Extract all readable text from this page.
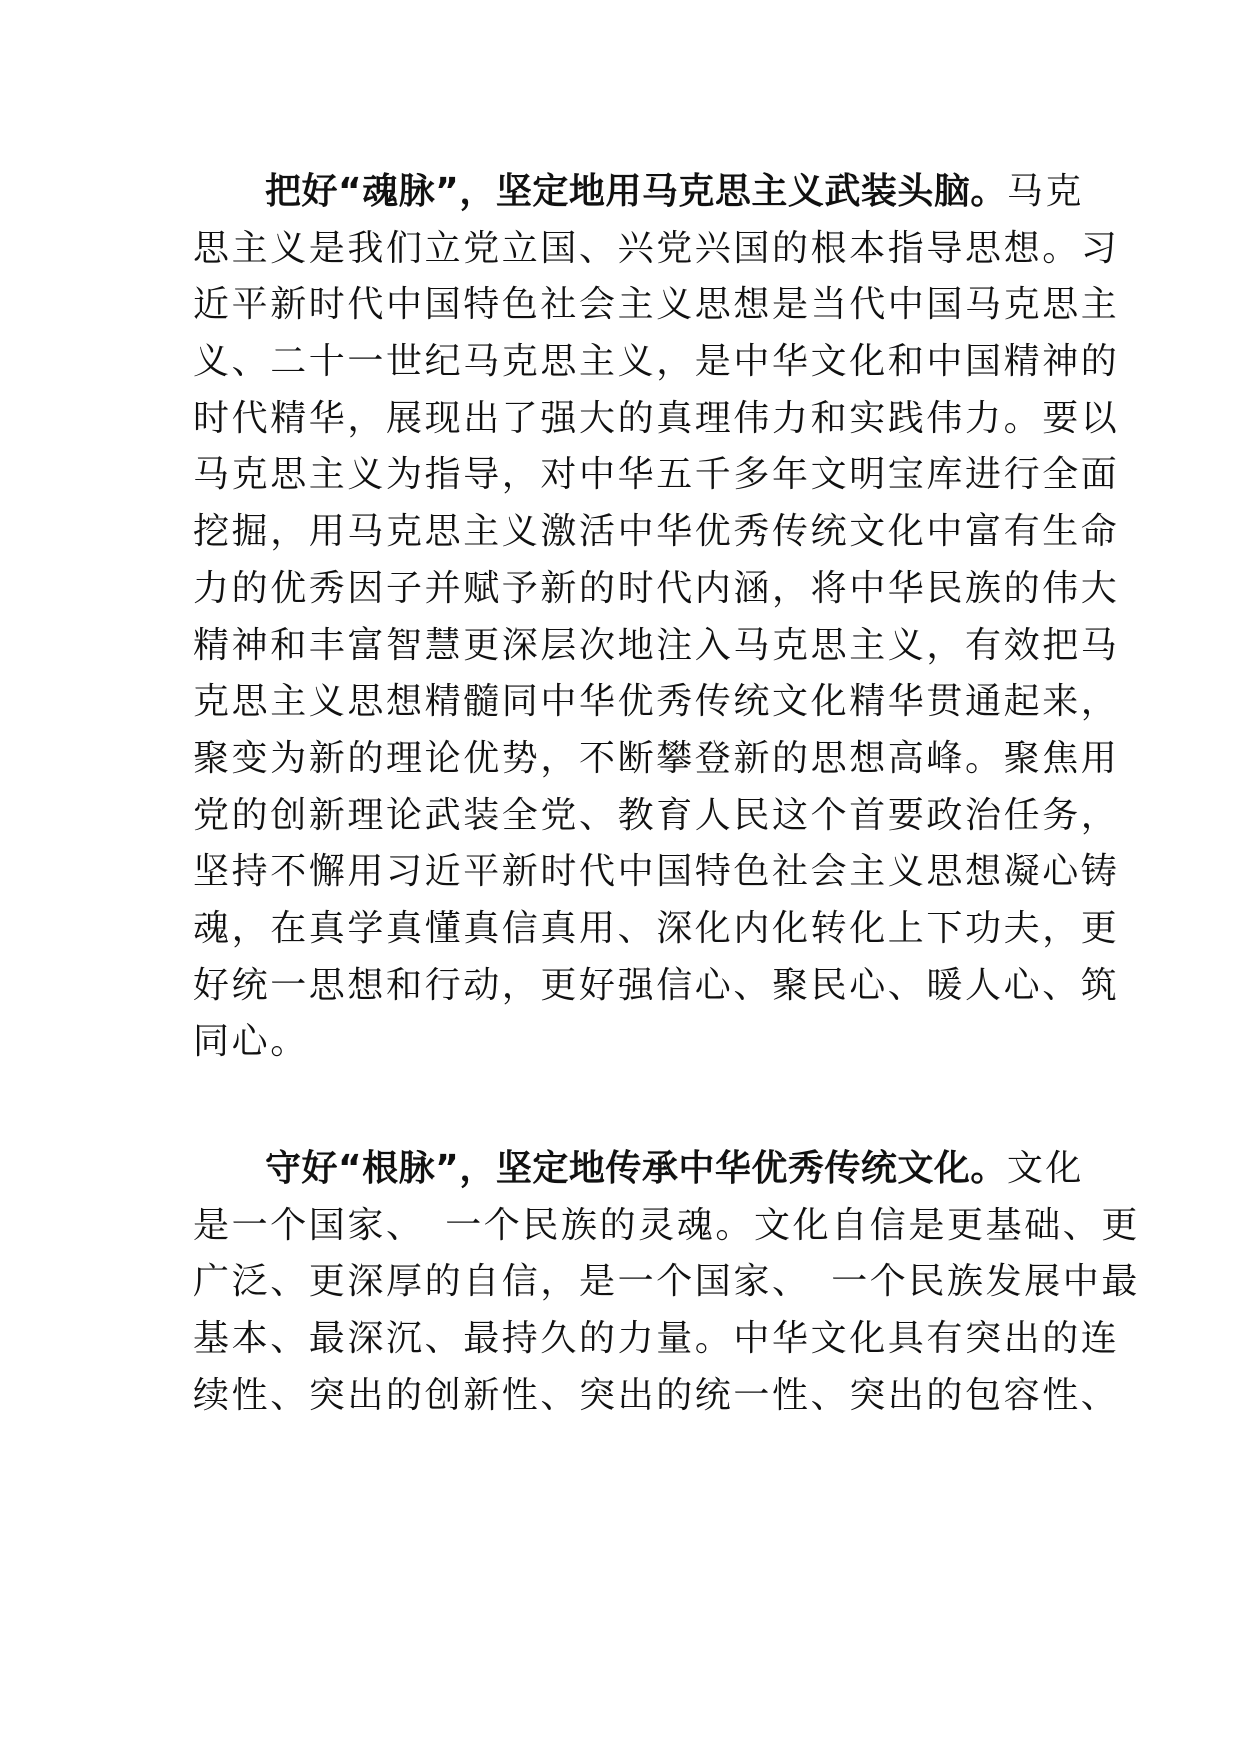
把好“魂脉”，坚定地用马克思主义武装头脑。马克
思主义是我们立党立国、兴党兴国的根本指导思想。习
近平新时代中国特色社会主义思想是当代中国马克思主
义、二十一世纪马克思主义，是中华文化和中国精神的
时代精华，展现出了强大的真理伟力和实践伟力。要以
马克思主义为指导，对中华五千多年文明宝库进行全面
挖掘，用马克思主义激活中华优秀传统文化中富有生命
力的优秀因子并赋予新的时代内涵，将中华民族的伟大
精神和丰富智慧更深层次地注入马克思主义，有效把马
克思主义思想精髓同中华优秀传统文化精华贯通起来，
聚变为新的理论优势，不断攀登新的思想高峰。聚焦用
党的创新理论武装全党、教育人民这个首要政治任务，
坚持不懈用习近平新时代中国特色社会主义思想凝心铸
魂，在真学真懂真信真用、深化内化转化上下功夫，更
好统一思想和行动，更好强信心、聚民心、暖人心、筑
同心。
守好“根脉”，坚定地传承中华优秀传统文化。文化
是一个国家、　一个民族的灵魂。文化自信是更基础、更
广泛、更深厚的自信，是一个国家、　一个民族发展中最
基本、最深沉、最持久的力量。中华文化具有突出的连
续性、突出的创新性、突出的统一性、突出的包容性、
